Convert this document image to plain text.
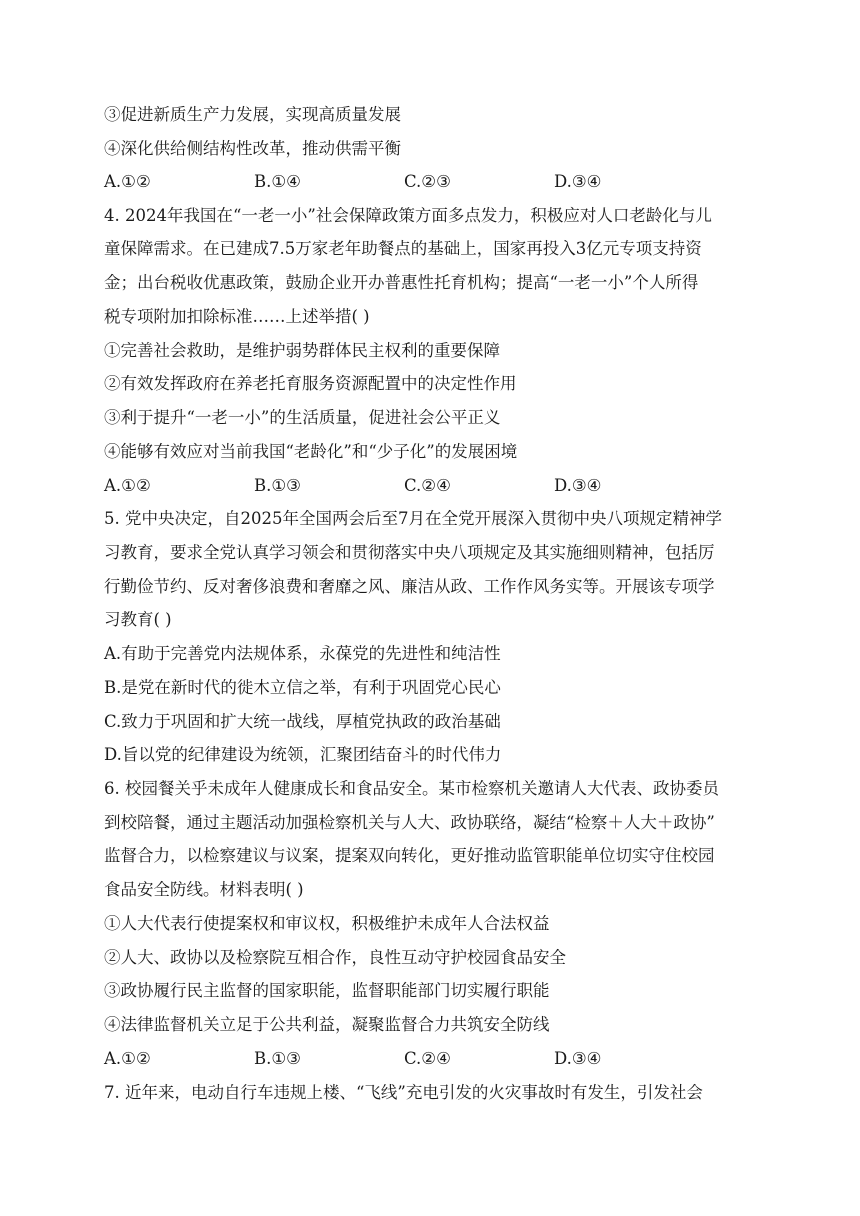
③促进新质生产力发展，实现高质量发展
④深化供给侧结构性改革，推动供需平衡
A.①②	B.①④	C.②③	D.③④
4. 2024年我国在“一老一小”社会保障政策方面多点发力，积极应对人口老龄化与儿
童保障需求。在已建成7.5万家老年助餐点的基础上，国家再投入3亿元专项支持资
金；出台税收优惠政策，鼓励企业开办普惠性托育机构；提高“一老一小”个人所得
税专项附加扣除标准……上述举措( )
①完善社会救助，是维护弱势群体民主权利的重要保障
②有效发挥政府在养老托育服务资源配置中的决定性作用
③利于提升“一老一小”的生活质量，促进社会公平正义
④能够有效应对当前我国“老龄化”和“少子化”的发展困境
A.①②	B.①③	C.②④	D.③④
5. 党中央决定，自2025年全国两会后至7月在全党开展深入贯彻中央八项规定精神学
习教育，要求全党认真学习领会和贯彻落实中央八项规定及其实施细则精神，包括厉
行勤俭节约、反对奢侈浪费和奢靡之风、廉洁从政、工作作风务实等。开展该专项学
习教育( )
A.有助于完善党内法规体系，永葆党的先进性和纯洁性
B.是党在新时代的徙木立信之举，有利于巩固党心民心
C.致力于巩固和扩大统一战线，厚植党执政的政治基础
D.旨以党的纪律建设为统领，汇聚团结奋斗的时代伟力
6. 校园餐关乎未成年人健康成长和食品安全。某市检察机关邀请人大代表、政协委员
到校陪餐，通过主题活动加强检察机关与人大、政协联络，凝结“检察＋人大＋政协”
监督合力，以检察建议与议案，提案双向转化，更好推动监管职能单位切实守住校园
食品安全防线。材料表明( )
①人大代表行使提案权和审议权，积极维护未成年人合法权益
②人大、政协以及检察院互相合作，良性互动守护校园食品安全
③政协履行民主监督的国家职能，监督职能部门切实履行职能
④法律监督机关立足于公共利益，凝聚监督合力共筑安全防线
A.①②	B.①③	C.②④	D.③④
7. 近年来，电动自行车违规上楼、“飞线”充电引发的火灾事故时有发生，引发社会
